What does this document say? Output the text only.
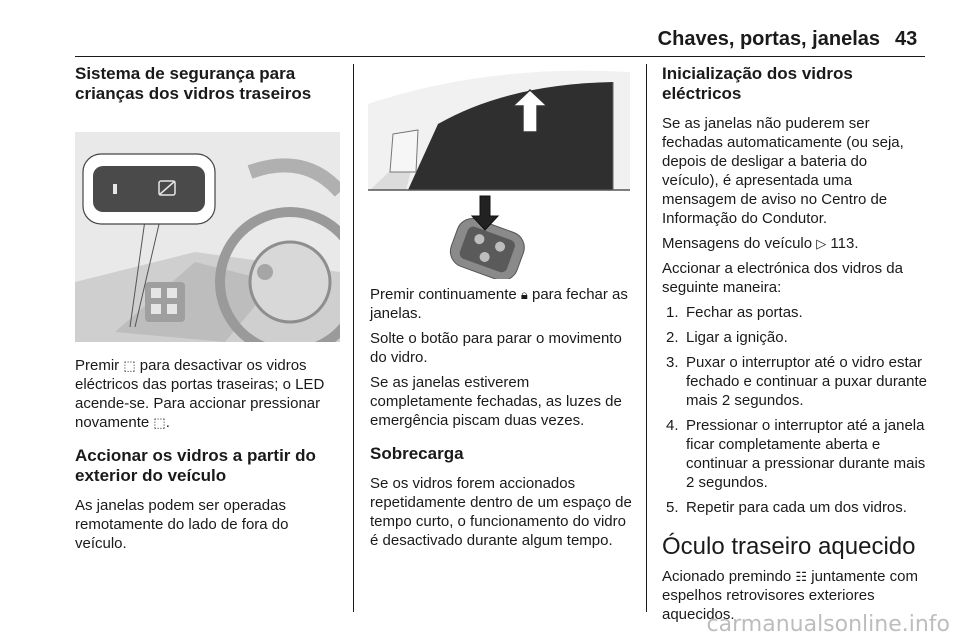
Chaves, portas, janelas 43
Sistema de segurança para crianças dos vidros traseiros

Premir ⬚ para desactivar os vidros eléctricos das portas traseiras; o LED acende-se. Para accionar pressionar novamente ⬚.

Accionar os vidros a partir do exterior do veículo

As janelas podem ser operadas remotamente do lado de fora do veículo.

Premir continuamente 🔒︎ para fechar as janelas.

Solte o botão para parar o movimento do vidro.

Se as janelas estiverem completamente fechadas, as luzes de emergência piscam duas vezes.

Sobrecarga

Se os vidros forem accionados repetidamente dentro de um espaço de tempo curto, o funcionamento do vidro é desactivado durante algum tempo.

Inicialização dos vidros eléctricos

Se as janelas não puderem ser fechadas automaticamente (ou seja, depois de desligar a bateria do veículo), é apresentada uma mensagem de aviso no Centro de Informação do Condutor.

Mensagens do veículo ▷ 113.

Accionar a electrónica dos vidros da seguinte maneira:

1. Fechar as portas.
2. Ligar a ignição.
3. Puxar o interruptor até o vidro estar fechado e continuar a puxar durante mais 2 segundos.
4. Pressionar o interruptor até a janela ficar completamente aberta e continuar a pressionar durante mais 2 segundos.
5. Repetir para cada um dos vidros.
Óculo traseiro aquecido

Acionado premindo ☷ juntamente com espelhos retrovisores exteriores aquecidos.

carmanualsonline.info
